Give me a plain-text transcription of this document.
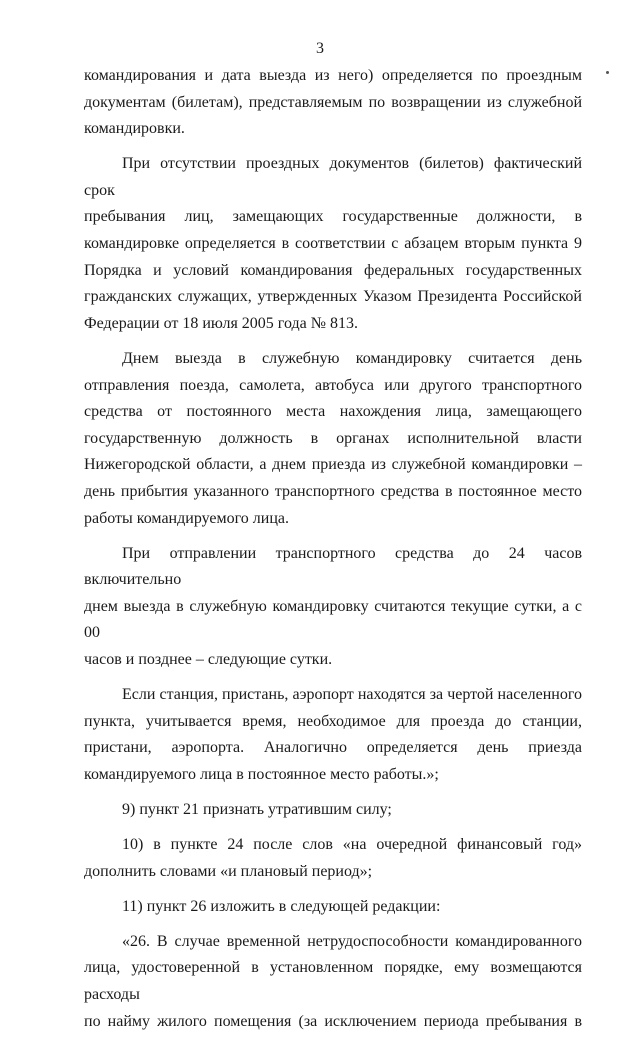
3
командирования и дата выезда из него) определяется по проездным
документам (билетам), представляемым по возвращении из служебной
командировки.
При отсутствии проездных документов (билетов) фактический срок
пребывания лиц, замещающих государственные должности, в
командировке определяется в соответствии с абзацем вторым пункта 9
Порядка и условий командирования федеральных государственных
гражданских служащих, утвержденных Указом Президента Российской
Федерации от 18 июля 2005 года № 813.
Днем выезда в служебную командировку считается день
отправления поезда, самолета, автобуса или другого транспортного
средства от постоянного места нахождения лица, замещающего
государственную должность в органах исполнительной власти
Нижегородской области, а днем приезда из служебной командировки –
день прибытия указанного транспортного средства в постоянное место
работы командируемого лица.
При отправлении транспортного средства до 24 часов включительно
днем выезда в служебную командировку считаются текущие сутки, а с 00
часов и позднее – следующие сутки.
Если станция, пристань, аэропорт находятся за чертой населенного
пункта, учитывается время, необходимое для проезда до станции,
пристани, аэропорта. Аналогично определяется день приезда
командируемого лица в постоянное место работы.»;
9) пункт 21 признать утратившим силу;
10) в пункте 24 после слов «на очередной финансовый год»
дополнить словами «и плановый период»;
11) пункт 26 изложить в следующей редакции:
«26. В случае временной нетрудоспособности командированного
лица, удостоверенной в установленном порядке, ему возмещаются расходы
по найму жилого помещения (за исключением периода пребывания в
